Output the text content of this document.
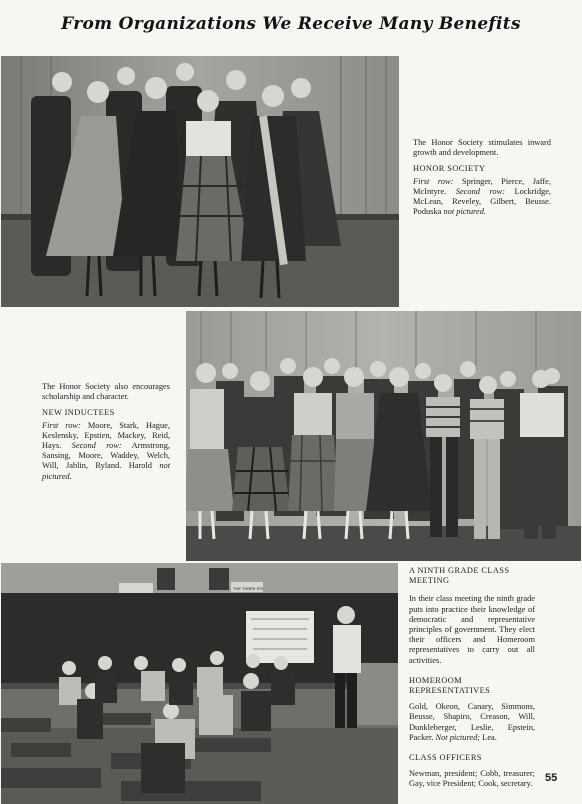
From Organizations We Receive Many Benefits

The Honor Society stimulates inward growth and development.

HONOR SOCIETY
First row: Springer, Pierce, Jaffe, McIntyre. Second row: Lockridge, McLean, Reveley, Gilbert, Beusse. Poduska not pictured.

The Honor Society also encourages scholarship and character.

NEW INDUCTEES
First row: Moore, Stark, Hague, Keslensky, Epstien, Mackey, Reid, Hays. Second row: Armstrong, Sansing, Moore, Waddey, Welch, Will, Jablin, Ryland. Harold not pictured.
THE THREE R'S
A NINTH GRADE CLASS MEETING

In their class meeting the ninth grade puts into practice their knowledge of democratic and representative principles of government. They elect their officers and Homeroom representatives to carry out all activities.

HOMEROOM REPRESENTATIVES
Gold, Okeon, Canary, Simmons, Beusse, Shapiro, Creason, Will, Dunkleberger, Leslie, Epstein, Packer. Not pictured; Lea.
CLASS OFFICERS

Newman, president; Cobb, treasurer; Gay, vice President; Cook, secretary. 55
